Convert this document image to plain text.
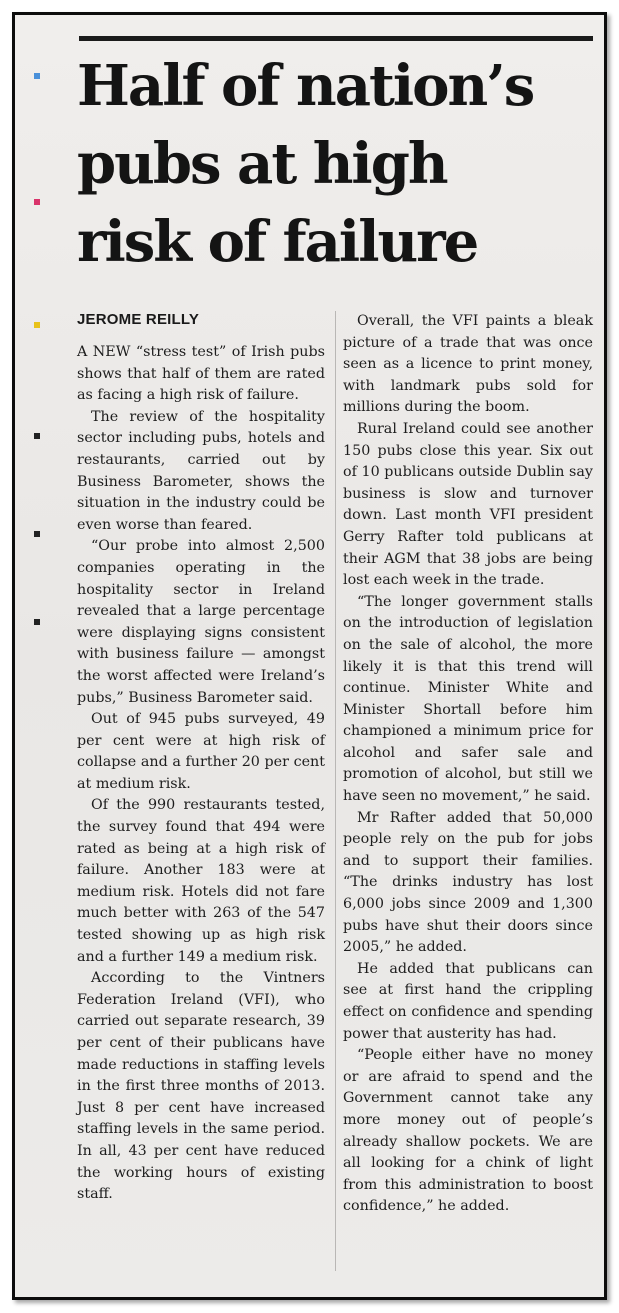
Half of nation’s
pubs at high
risk of failure
JEROME REILLY

A NEW “stress test” of Irish pubs shows that half of them are rated as facing a high risk of failure.

The review of the hospitality sector including pubs, hotels and restaurants, carried out by Business Barometer, shows the situation in the industry could be even worse than feared.

“Our probe into almost 2,500 companies operating in the hospitality sector in Ireland revealed that a large percentage were displaying signs consistent with business failure — amongst the worst affected were Ireland’s pubs,” Business Barometer said.

Out of 945 pubs surveyed, 49 per cent were at high risk of collapse and a further 20 per cent at medium risk.

Of the 990 restaurants tested, the survey found that 494 were rated as being at a high risk of failure. Another 183 were at medium risk. Hotels did not fare much better with 263 of the 547 tested showing up as high risk and a further 149 a medium risk.

According to the Vintners Federation Ireland (VFI), who carried out separate research, 39 per cent of their publicans have made reductions in staffing levels in the first three months of 2013. Just 8 per cent have increased staffing levels in the same period. In all, 43 per cent have reduced the working hours of existing staff.

Overall, the VFI paints a bleak picture of a trade that was once seen as a licence to print money, with landmark pubs sold for millions during the boom.

Rural Ireland could see another 150 pubs close this year. Six out of 10 publicans outside Dublin say business is slow and turnover down. Last month VFI president Gerry Rafter told publicans at their AGM that 38 jobs are being lost each week in the trade.

“The longer government stalls on the introduction of legislation on the sale of alcohol, the more likely it is that this trend will continue. Minister White and Minister Shortall before him championed a minimum price for alcohol and safer sale and promotion of alcohol, but still we have seen no movement,” he said.

Mr Rafter added that 50,000 people rely on the pub for jobs and to support their families. “The drinks industry has lost 6,000 jobs since 2009 and 1,300 pubs have shut their doors since 2005,” he added.

He added that publicans can see at first hand the crippling effect on confidence and spending power that austerity has had.

“People either have no money or are afraid to spend and the Government cannot take any more money out of people’s already shallow pockets. We are all looking for a chink of light from this administration to boost confidence,” he added.
